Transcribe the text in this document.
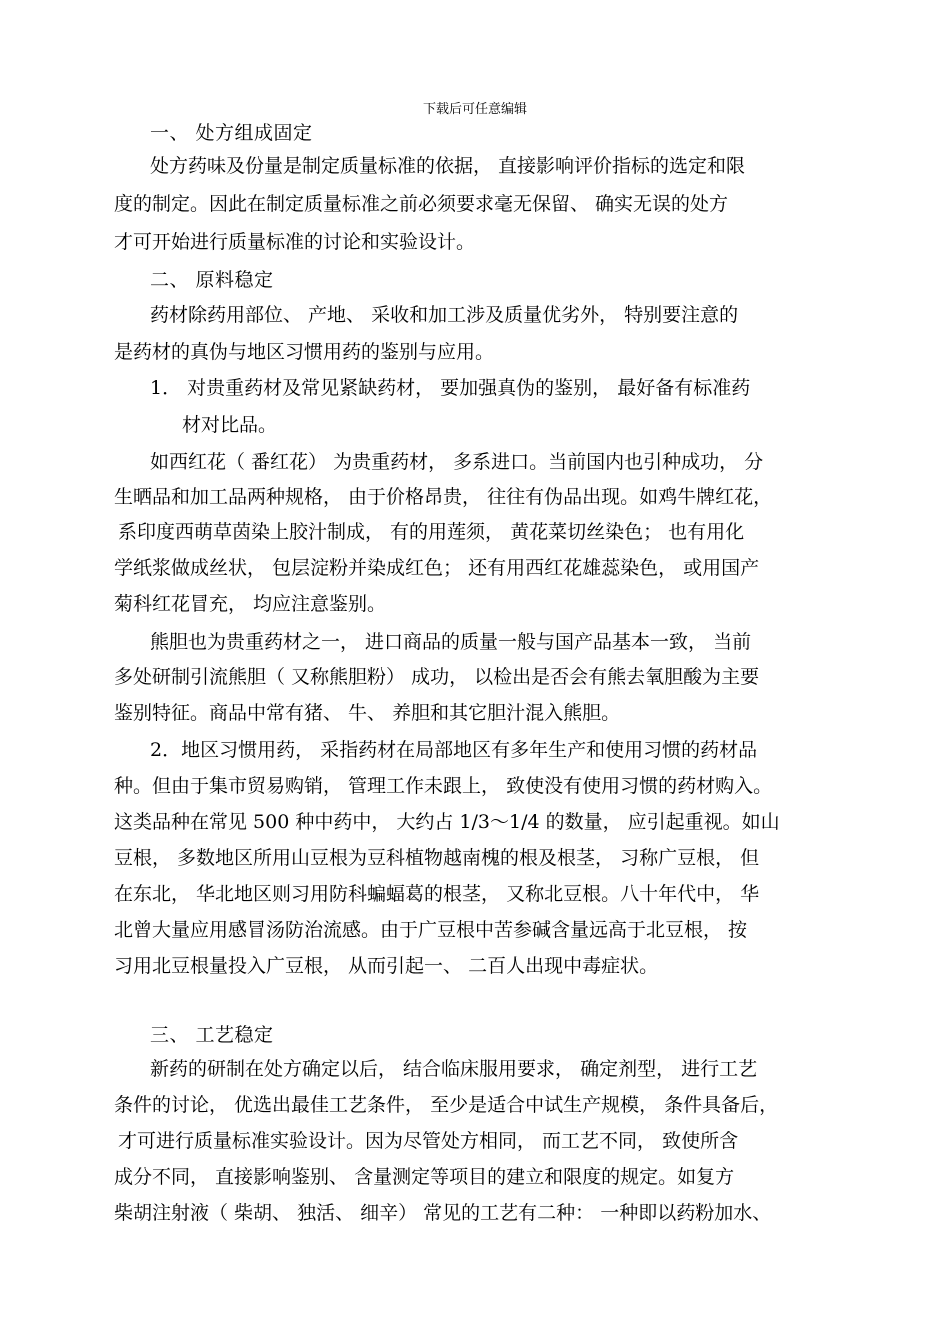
下载后可任意编辑
一、 处方组成固定
处方药味及份量是制定质量标准的依据， 直接影响评价指标的选定和限
度的制定。因此在制定质量标准之前必须要求毫无保留、 确实无误的处方
才可开始进行质量标准的讨论和实验设计。
二、 原料稳定
药材除药用部位、 产地、 采收和加工涉及质量优劣外， 特别要注意的
是药材的真伪与地区习惯用药的鉴别与应用。
1． 对贵重药材及常见紧缺药材， 要加强真伪的鉴别， 最好备有标准药
材对比品。
如西红花（ 番红花） 为贵重药材， 多系进口。当前国内也引种成功， 分
生晒品和加工品两种规格， 由于价格昂贵， 往往有伪品出现。如鸡牛牌红花，
系印度西萌草茵染上胶汁制成， 有的用莲须， 黄花菜切丝染色； 也有用化
学纸浆做成丝状， 包层淀粉并染成红色； 还有用西红花雄蕊染色， 或用国产
菊科红花冒充， 均应注意鉴别。
熊胆也为贵重药材之一， 进口商品的质量一般与国产品基本一致， 当前
多处研制引流熊胆（ 又称熊胆粉） 成功， 以检出是否会有熊去氧胆酸为主要
鉴别特征。商品中常有猪、 牛、 养胆和其它胆汁混入熊胆。
2．地区习惯用药， 采指药材在局部地区有多年生产和使用习惯的药材品
种。但由于集市贸易购销， 管理工作未跟上， 致使没有使用习惯的药材购入。
这类品种在常见 500 种中药中， 大约占 1/3～1/4 的数量， 应引起重视。如山
豆根， 多数地区所用山豆根为豆科植物越南槐的根及根茎， 习称广豆根， 但
在东北， 华北地区则习用防科蝙蝠葛的根茎， 又称北豆根。八十年代中， 华
北曾大量应用感冒汤防治流感。由于广豆根中苦参碱含量远高于北豆根， 按
习用北豆根量投入广豆根， 从而引起一、 二百人出现中毒症状。
三、 工艺稳定
新药的研制在处方确定以后， 结合临床服用要求， 确定剂型， 进行工艺
条件的讨论， 优选出最佳工艺条件， 至少是适合中试生产规模， 条件具备后，
才可进行质量标准实验设计。因为尽管处方相同， 而工艺不同， 致使所含
成分不同， 直接影响鉴别、 含量测定等项目的建立和限度的规定。如复方
柴胡注射液（ 柴胡、 独活、 细辛） 常见的工艺有二种： 一种即以药粉加水、
